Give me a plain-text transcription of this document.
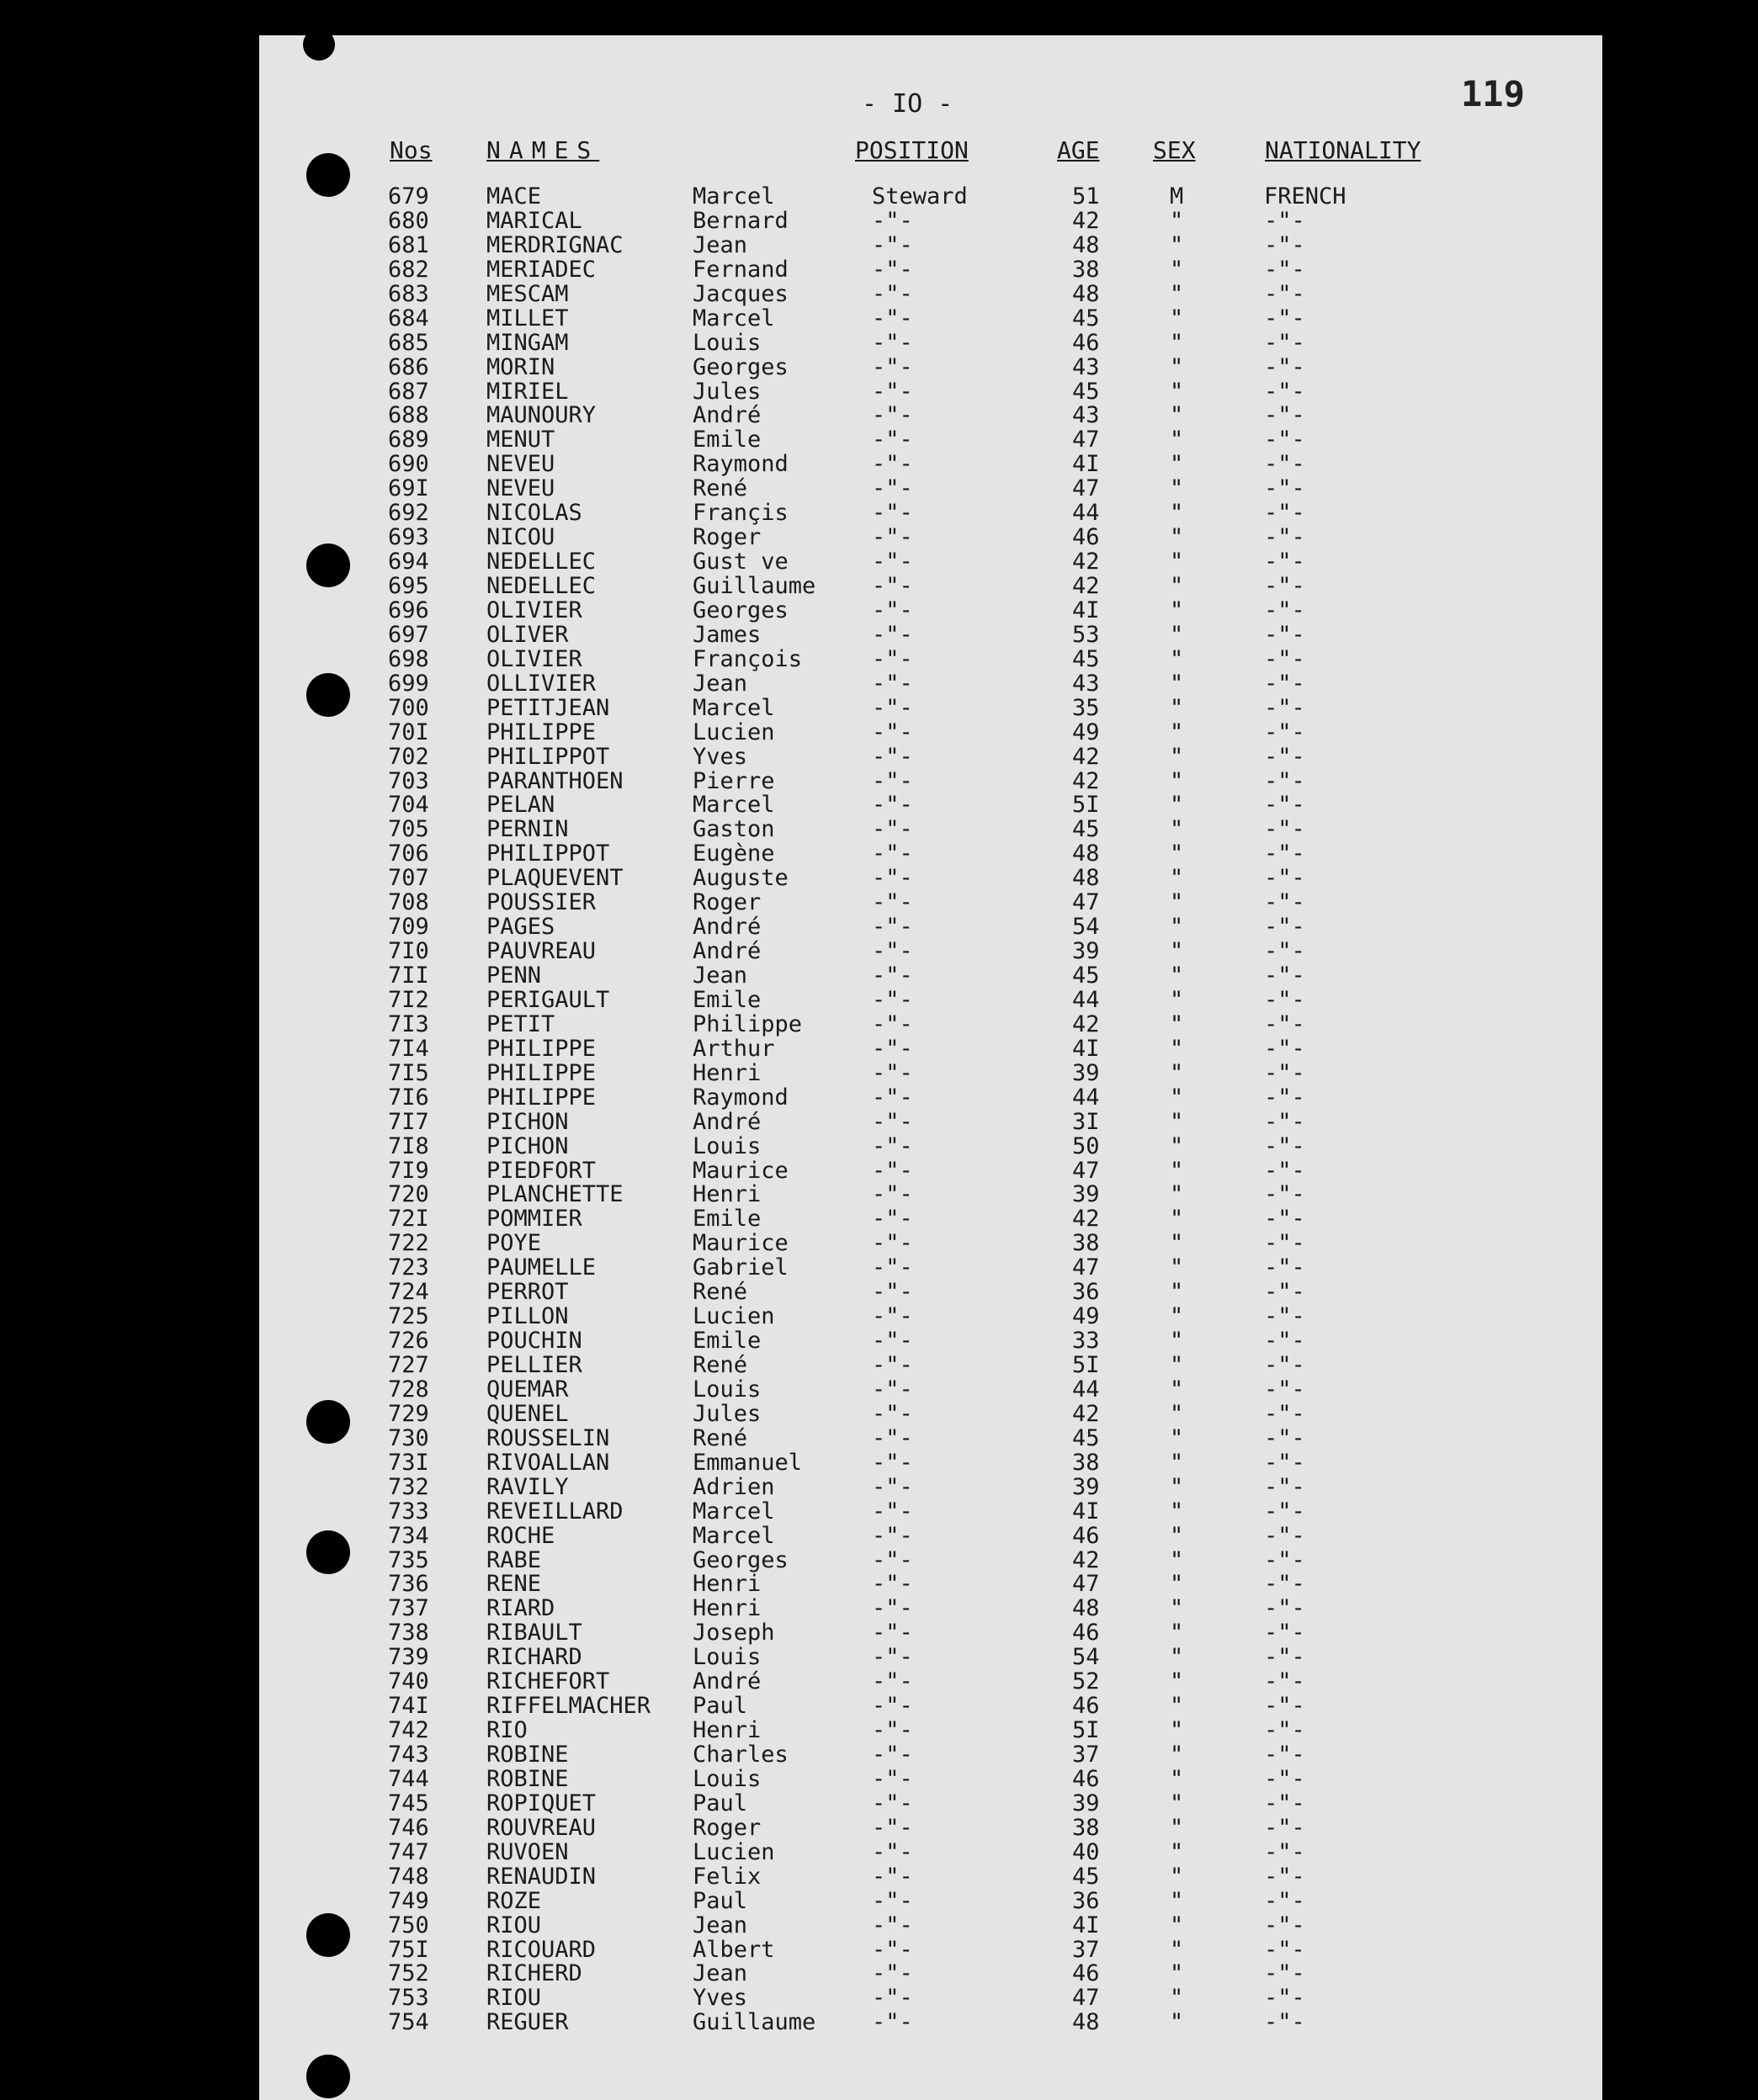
- IO -	119
Nos NAMES	POSITION	AGE SEX	NATIONALITY
679	MACE	Marcel	Steward	51	M	FRENCH
680	MARICAL	Bernard	-"-	42	"	-"-
681	MERDRIGNAC	Jean	-"-	48	"	-"-
682	MERIADEC	Fernand	-"-	38	"	-"-
683	MESCAM	Jacques	-"-	48	"	-"-
684	MILLET	Marcel	-"-	45	"	-"-
685	MINGAM	Louis	-"-	46	"	-"-
686	MORIN	Georges	-"-	43	"	-"-
687	MIRIEL	Jules	-"-	45	"	-"-
688	MAUNOURY	André	-"-	43	"	-"-
689	MENUT	Emile	-"-	47	"	-"-
690	NEVEU	Raymond	-"-	4I	"	-"-
69I	NEVEU	René	-"-	47	"	-"-
692	NICOLAS	Françis	-"-	44	"	-"-
693	NICOU	Roger	-"-	46	"	-"-
694	NEDELLEC	Gust ve	-"-	42	"	-"-
695	NEDELLEC	Guillaume -"-	42	"	-"-
696	OLIVIER	Georges	-"-	4I	"	-"-
697	OLIVER	James	-"-	53	"	-"-
698	OLIVIER	François	-"-	45	"	-"-
699	OLLIVIER	Jean	-"-	43	"	-"-
700	PETITJEAN	Marcel	-"-	35	"	-"-
70I	PHILIPPE	Lucien	-"-	49	"	-"-
702	PHILIPPOT	Yves	-"-	42	"	-"-
703	PARANTHOEN	Pierre	-"-	42	"	-"-
704	PELAN	Marcel	-"-	5I	"	-"-
705	PERNIN	Gaston	-"-	45	"	-"-
706	PHILIPPOT	Eugène	-"-	48	"	-"-
707	PLAQUEVENT	Auguste	-"-	48	"	-"-
708	POUSSIER	Roger	-"-	47	"	-"-
709	PAGES	André	-"-	54	"	-"-
7I0	PAUVREAU	André	-"-	39	"	-"-
7II	PENN	Jean	-"-	45	"	-"-
7I2	PERIGAULT	Emile	-"-	44	"	-"-
7I3	PETIT	Philippe	-"-	42	"	-"-
7I4	PHILIPPE	Arthur	-"-	4I	"	-"-
7I5	PHILIPPE	Henri	-"-	39	"	-"-
7I6	PHILIPPE	Raymond	-"-	44	"	-"-
7I7	PICHON	André	-"-	3I	"	-"-
7I8	PICHON	Louis	-"-	50	"	-"-
7I9	PIEDFORT	Maurice	-"-	47	"	-"-
720	PLANCHETTE	Henri	-"-	39	"	-"-
72I	POMMIER	Emile	-"-	42	"	-"-
722	POYE	Maurice	-"-	38	"	-"-
723	PAUMELLE	Gabriel	-"-	47	"	-"-
724	PERROT	René	-"-	36	"	-"-
725	PILLON	Lucien	-"-	49	"	-"-
726	POUCHIN	Emile	-"-	33	"	-"-
727	PELLIER	René	-"-	5I	"	-"-
728	QUEMAR	Louis	-"-	44	"	-"-
729	QUENEL	Jules	-"-	42	"	-"-
730	ROUSSELIN	René	-"-	45	"	-"-
73I	RIVOALLAN	Emmanuel	-"-	38	"	-"-
732	RAVILY	Adrien	-"-	39	"	-"-
733	REVEILLARD	Marcel	-"-	4I	"	-"-
734	ROCHE	Marcel	-"-	46	"	-"-
735	RABE	Georges	-"-	42	"	-"-
736	RENE	Henri	-"-	47	"	-"-
737	RIARD	Henri	-"-	48	"	-"-
738	RIBAULT	Joseph	-"-	46	"	-"-
739	RICHARD	Louis	-"-	54	"	-"-
740	RICHEFORT	André	-"-	52	"	-"-
74I	RIFFELMACHER Paul	-"-	46	"	-"-
742	RIO	Henri	-"-	5I	"	-"-
743	ROBINE	Charles	-"-	37	"	-"-
744	ROBINE	Louis	-"-	46	"	-"-
745	ROPIQUET	Paul	-"-	39	"	-"-
746	ROUVREAU	Roger	-"-	38	"	-"-
747	RUVOEN	Lucien	-"-	40	"	-"-
748	RENAUDIN	Felix	-"-	45	"	-"-
749	ROZE	Paul	-"-	36	"	-"-
750	RIOU	Jean	-"-	4I	"	-"-
75I	RICOUARD	Albert	-"-	37	"	-"-
752	RICHERD	Jean	-"-	46	"	-"-
753	RIOU	Yves	-"-	47	"	-"-
754	REGUER	Guillaume -"-	48	"	-"-
